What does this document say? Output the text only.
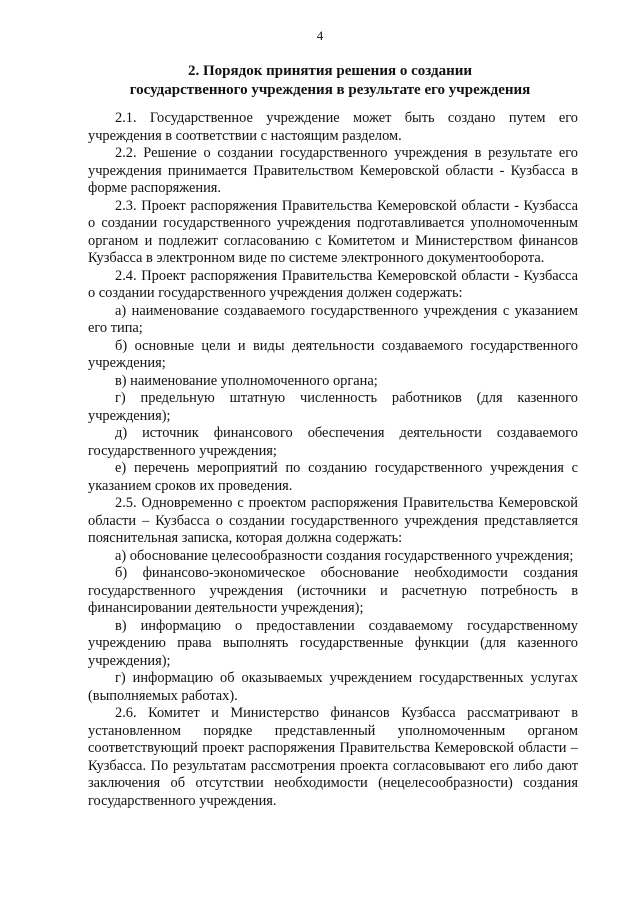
4
2. Порядок принятия решения о создании
государственного учреждения в результате его учреждения

2.1. Государственное учреждение может быть создано путем его учреждения в соответствии с настоящим разделом.

2.2. Решение о создании государственного учреждения в результате его учреждения принимается Правительством Кемеровской области - Кузбасса в форме распоряжения.

2.3. Проект распоряжения Правительства Кемеровской области - Кузбасса о создании государственного учреждения подготавливается уполномоченным органом и подлежит согласованию с Комитетом и Министерством финансов Кузбасса в электронном виде по системе электронного документооборота.

2.4. Проект распоряжения Правительства Кемеровской области - Кузбасса о создании государственного учреждения должен содержать:

а) наименование создаваемого государственного учреждения с указанием его типа;

б) основные цели и виды деятельности создаваемого государственного учреждения;

в) наименование уполномоченного органа;

г) предельную штатную численность работников (для казенного учреждения);

д) источник финансового обеспечения деятельности создаваемого государственного учреждения;

е) перечень мероприятий по созданию государственного учреждения с указанием сроков их проведения.

2.5. Одновременно с проектом распоряжения Правительства Кемеровской области – Кузбасса о создании государственного учреждения представляется пояснительная записка, которая должна содержать:

а) обоснование целесообразности создания государственного учреждения;

б) финансово-экономическое обоснование необходимости создания государственного учреждения (источники и расчетную потребность в финансировании деятельности учреждения);

в) информацию о предоставлении создаваемому государственному учреждению права выполнять государственные функции (для казенного учреждения);

г) информацию об оказываемых учреждением государственных услугах (выполняемых работах).

2.6. Комитет и Министерство финансов Кузбасса рассматривают в установленном порядке представленный уполномоченным органом соответствующий проект распоряжения Правительства Кемеровской области – Кузбасса. По результатам рассмотрения проекта согласовывают его либо дают заключения об отсутствии необходимости (нецелесообразности) создания государственного учреждения.
